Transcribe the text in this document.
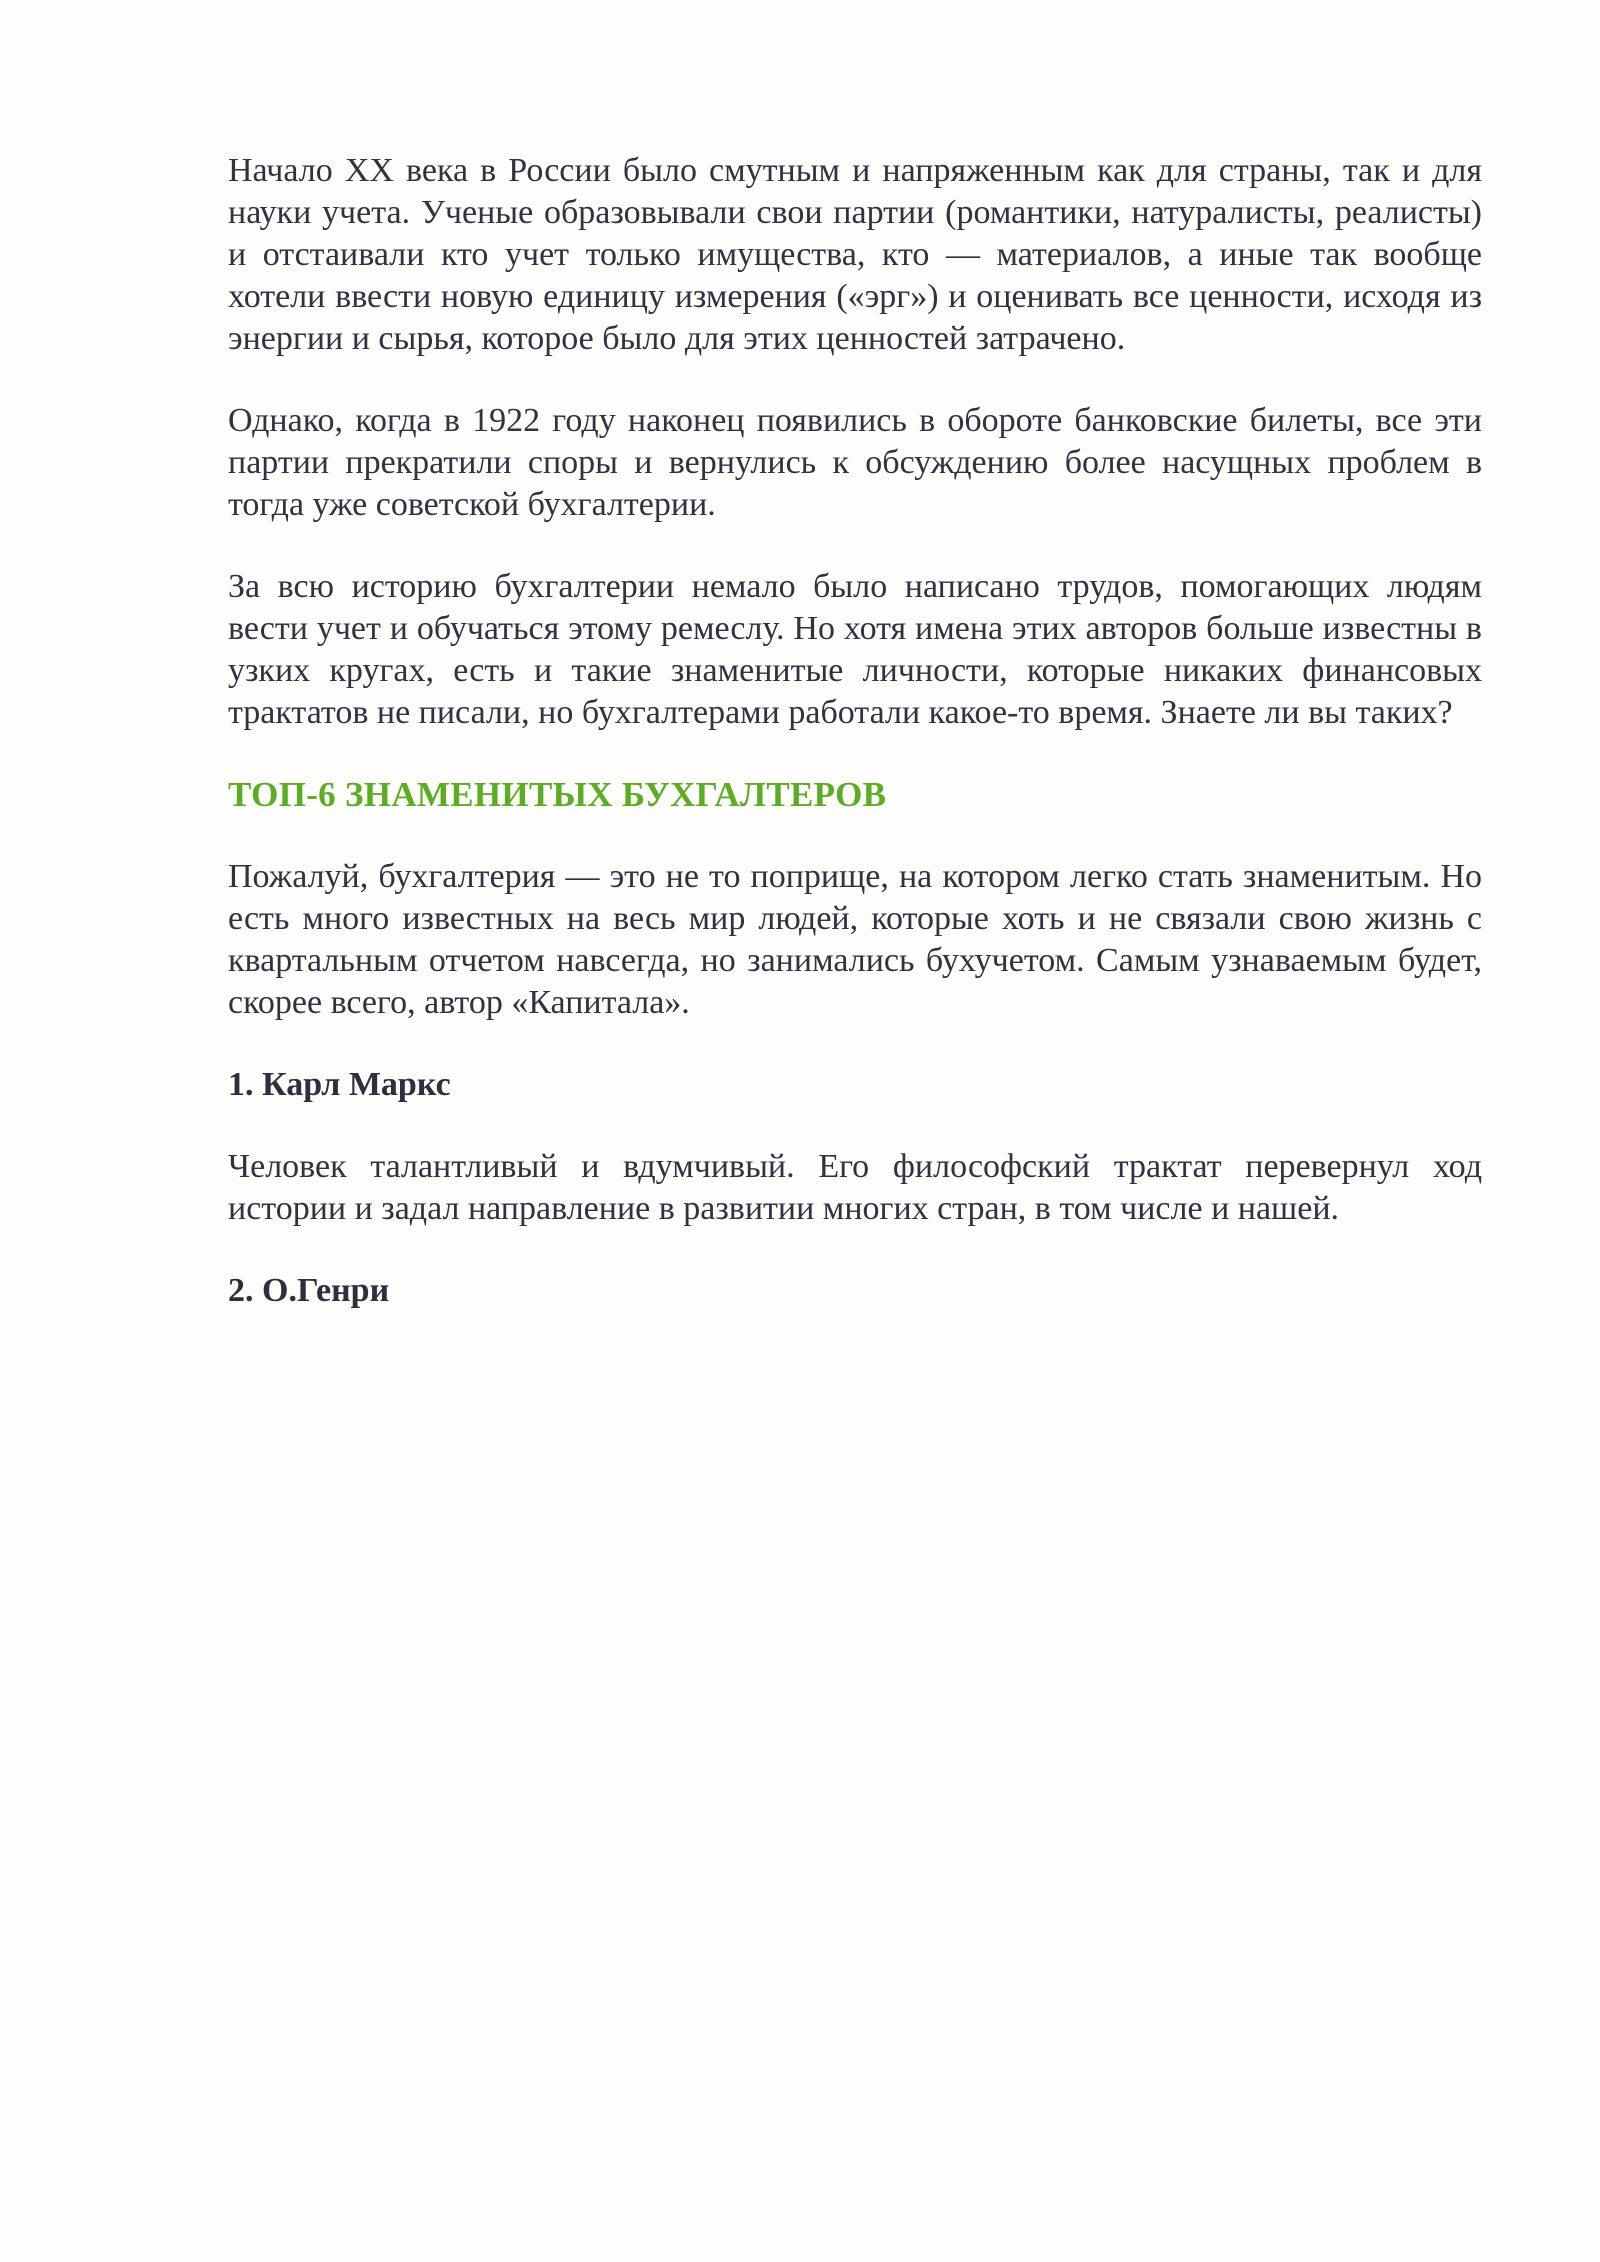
Начало XX века в России было смутным и напряженным как для страны, так и для науки учета. Ученые образовывали свои партии (романтики, натуралисты, реалисты) и отстаивали кто учет только имущества, кто — материалов, а иные так вообще хотели ввести новую единицу измерения («эрг») и оценивать все ценности, исходя из энергии и сырья, которое было для этих ценностей затрачено.

Однако, когда в 1922 году наконец появились в обороте банковские билеты, все эти партии прекратили споры и вернулись к обсуждению более насущных проблем в тогда уже советской бухгалтерии.

За всю историю бухгалтерии немало было написано трудов, помогающих людям вести учет и обучаться этому ремеслу. Но хотя имена этих авторов больше известны в узких кругах, есть и такие знаменитые личности, которые никаких финансовых трактатов не писали, но бухгалтерами работали какое-то время. Знаете ли вы таких?

ТОП-6 ЗНАМЕНИТЫХ БУХГАЛТЕРОВ

Пожалуй, бухгалтерия — это не то поприще, на котором легко стать знаменитым. Но есть много известных на весь мир людей, которые хоть и не связали свою жизнь с квартальным отчетом навсегда, но занимались бухучетом. Самым узнаваемым будет, скорее всего, автор «Капитала».

1. Карл Маркс

Человек талантливый и вдумчивый. Его философский трактат перевернул ход истории и задал направление в развитии многих стран, в том числе и нашей.

2. О.Генри
